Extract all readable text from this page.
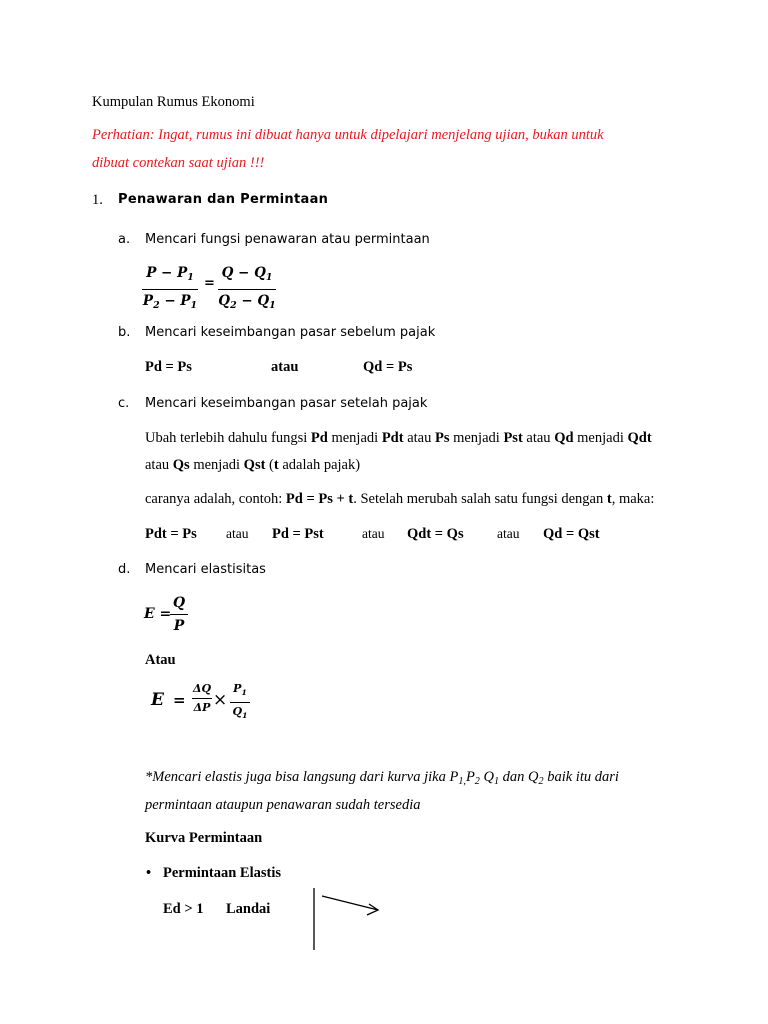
Kumpulan Rumus Ekonomi
Perhatian: Ingat, rumus ini dibuat hanya untuk dipelajari menjelang ujian, bukan untuk
dibuat contekan saat ujian !!!
1. Penawaran dan Permintaan
a. Mencari fungsi penawaran atau permintaan
$P - P_1$
$P_2 - P_1$
=
$Q - Q_1$
$Q_2 - Q_1$
b. Mencari keseimbangan pasar sebelum pajak
Pd = Ps	atau	Qd = Ps
c. Mencari keseimbangan pasar setelah pajak
Ubah terlebih dahulu fungsi Pd menjadi Pdt atau Ps menjadi Pst atau Qd menjadi Qdt
atau Qs menjadi Qst (t adalah pajak)
caranya adalah, contoh: Pd = Ps + t. Setelah merubah salah satu fungsi dengan t, maka:
Pdt = Ps atau Pd = Pst	atau Qdt = Qs atau Qd = Qst
d. Mencari elastisitas
E =
Q
P
Atau
E =
ΔQ
ΔP ×
$P_1$
$Q_1$
*Mencari elastis juga bisa langsung dari kurva jika $P_{1,}P_2$ $Q_1$ dan $Q_2$ baik itu dari
permintaan ataupun penawaran sudah tersedia
Kurva Permintaan
• Permintaan Elastis
Ed > 1 Landai
